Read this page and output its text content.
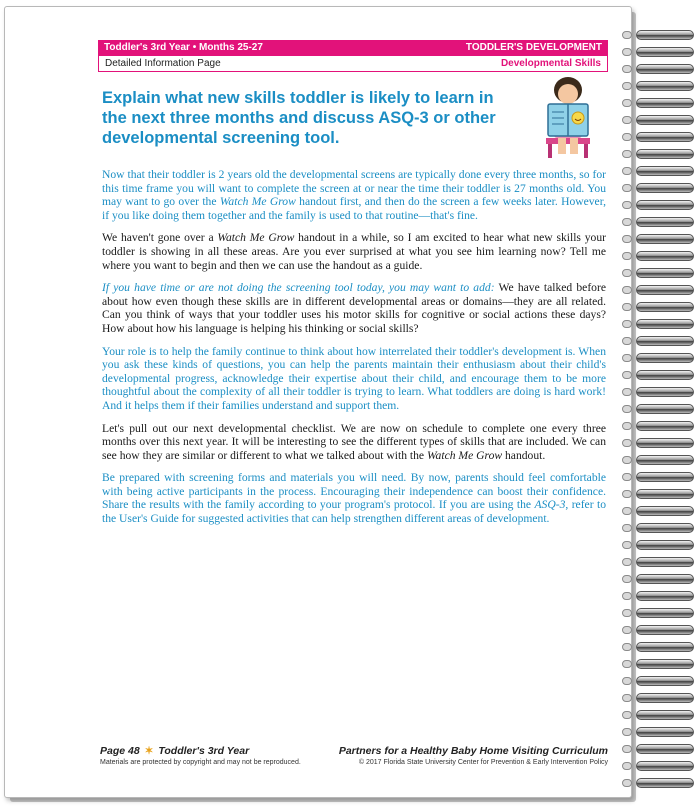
Toddler's 3rd Year • Months 25-27	TODDLER'S DEVELOPMENT
Detailed Information Page	Developmental Skills
Explain what new skills toddler is likely to learn in the next three months and discuss ASQ-3 or other developmental screening tool.

Now that their toddler is 2 years old the developmental screens are typically done every three months, so for this time frame you will want to complete the screen at or near the time their toddler is 27 months old. You may want to go over the Watch Me Grow handout first, and then do the screen a few weeks later. However, if you like doing them together and the family is used to that routine—that's fine.

We haven't gone over a Watch Me Grow handout in a while, so I am excited to hear what new skills your toddler is showing in all these areas. Are you ever surprised at what you see him learning now? Tell me where you want to begin and then we can use the handout as a guide.

If you have time or are not doing the screening tool today, you may want to add: We have talked before about how even though these skills are in different developmental areas or domains—they are all related. Can you think of ways that your toddler uses his motor skills for cognitive or social actions these days? How about how his language is helping his thinking or social skills?

Your role is to help the family continue to think about how interrelated their toddler's development is. When you ask these kinds of questions, you can help the parents maintain their enthusiasm about their child's developmental progress, acknowledge their expertise about their child, and encourage them to be more thoughtful about the complexity of all their toddler is trying to learn. What toddlers are doing is hard work! And it helps them if their families understand and support them.

Let's pull out our next developmental checklist. We are now on schedule to complete one every three months over this next year. It will be interesting to see the different types of skills that are included. We can see how they are similar or different to what we talked about with the Watch Me Grow handout.

Be prepared with screening forms and materials you will need. By now, parents should feel comfortable with being active participants in the process. Encouraging their independence can boost their confidence. Share the results with the family according to your program's protocol. If you are using the ASQ-3, refer to the User's Guide for suggested activities that can help strengthen different areas of development.

Page 48 ✶ Toddler's 3rd Year
Materials are protected by copyright and may not be reproduced.
Partners for a Healthy Baby Home Visiting Curriculum
© 2017 Florida State University Center for Prevention & Early Intervention Policy
